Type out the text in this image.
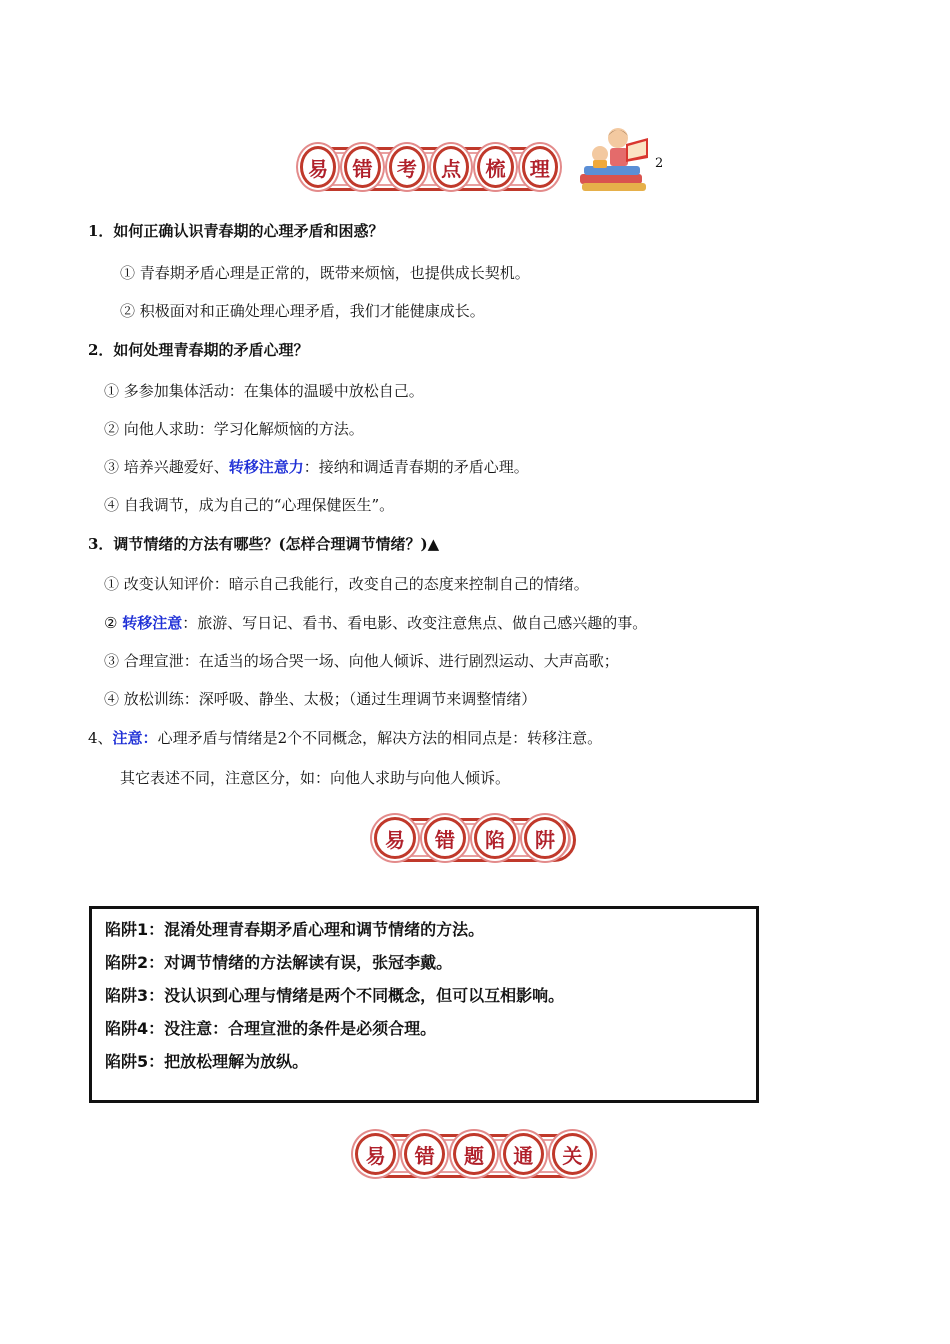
易	错	考	点	梳	理	2
1．如何正确认识青春期的心理矛盾和困惑？
① 青春期矛盾心理是正常的，既带来烦恼，也提供成长契机。
② 积极面对和正确处理心理矛盾，我们才能健康成长。
2．如何处理青春期的矛盾心理？
① 多参加集体活动：在集体的温暖中放松自己。
② 向他人求助：学习化解烦恼的方法。
③ 培养兴趣爱好、转移注意力：接纳和调适青春期的矛盾心理。
④ 自我调节，成为自己的“心理保健医生”。
3．调节情绪的方法有哪些？(怎样合理调节情绪？)▲
① 改变认知评价：暗示自己我能行，改变自己的态度来控制自己的情绪。
② 转移注意：旅游、写日记、看书、看电影、改变注意焦点、做自己感兴趣的事。
③ 合理宣泄：在适当的场合哭一场、向他人倾诉、进行剧烈运动、大声高歌；
④ 放松训练：深呼吸、静坐、太极；（通过生理调节来调整情绪）
4、注意：心理矛盾与情绪是2个不同概念，解决方法的相同点是：转移注意。
其它表述不同，注意区分，如：向他人求助与向他人倾诉。
易	错	陷	阱
陷阱1：混淆处理青春期矛盾心理和调节情绪的方法。
陷阱2：对调节情绪的方法解读有误，张冠李戴。
陷阱3：没认识到心理与情绪是两个不同概念，但可以互相影响。
陷阱4：没注意：合理宣泄的条件是必须合理。
陷阱5：把放松理解为放纵。
易	错	题	通	关
